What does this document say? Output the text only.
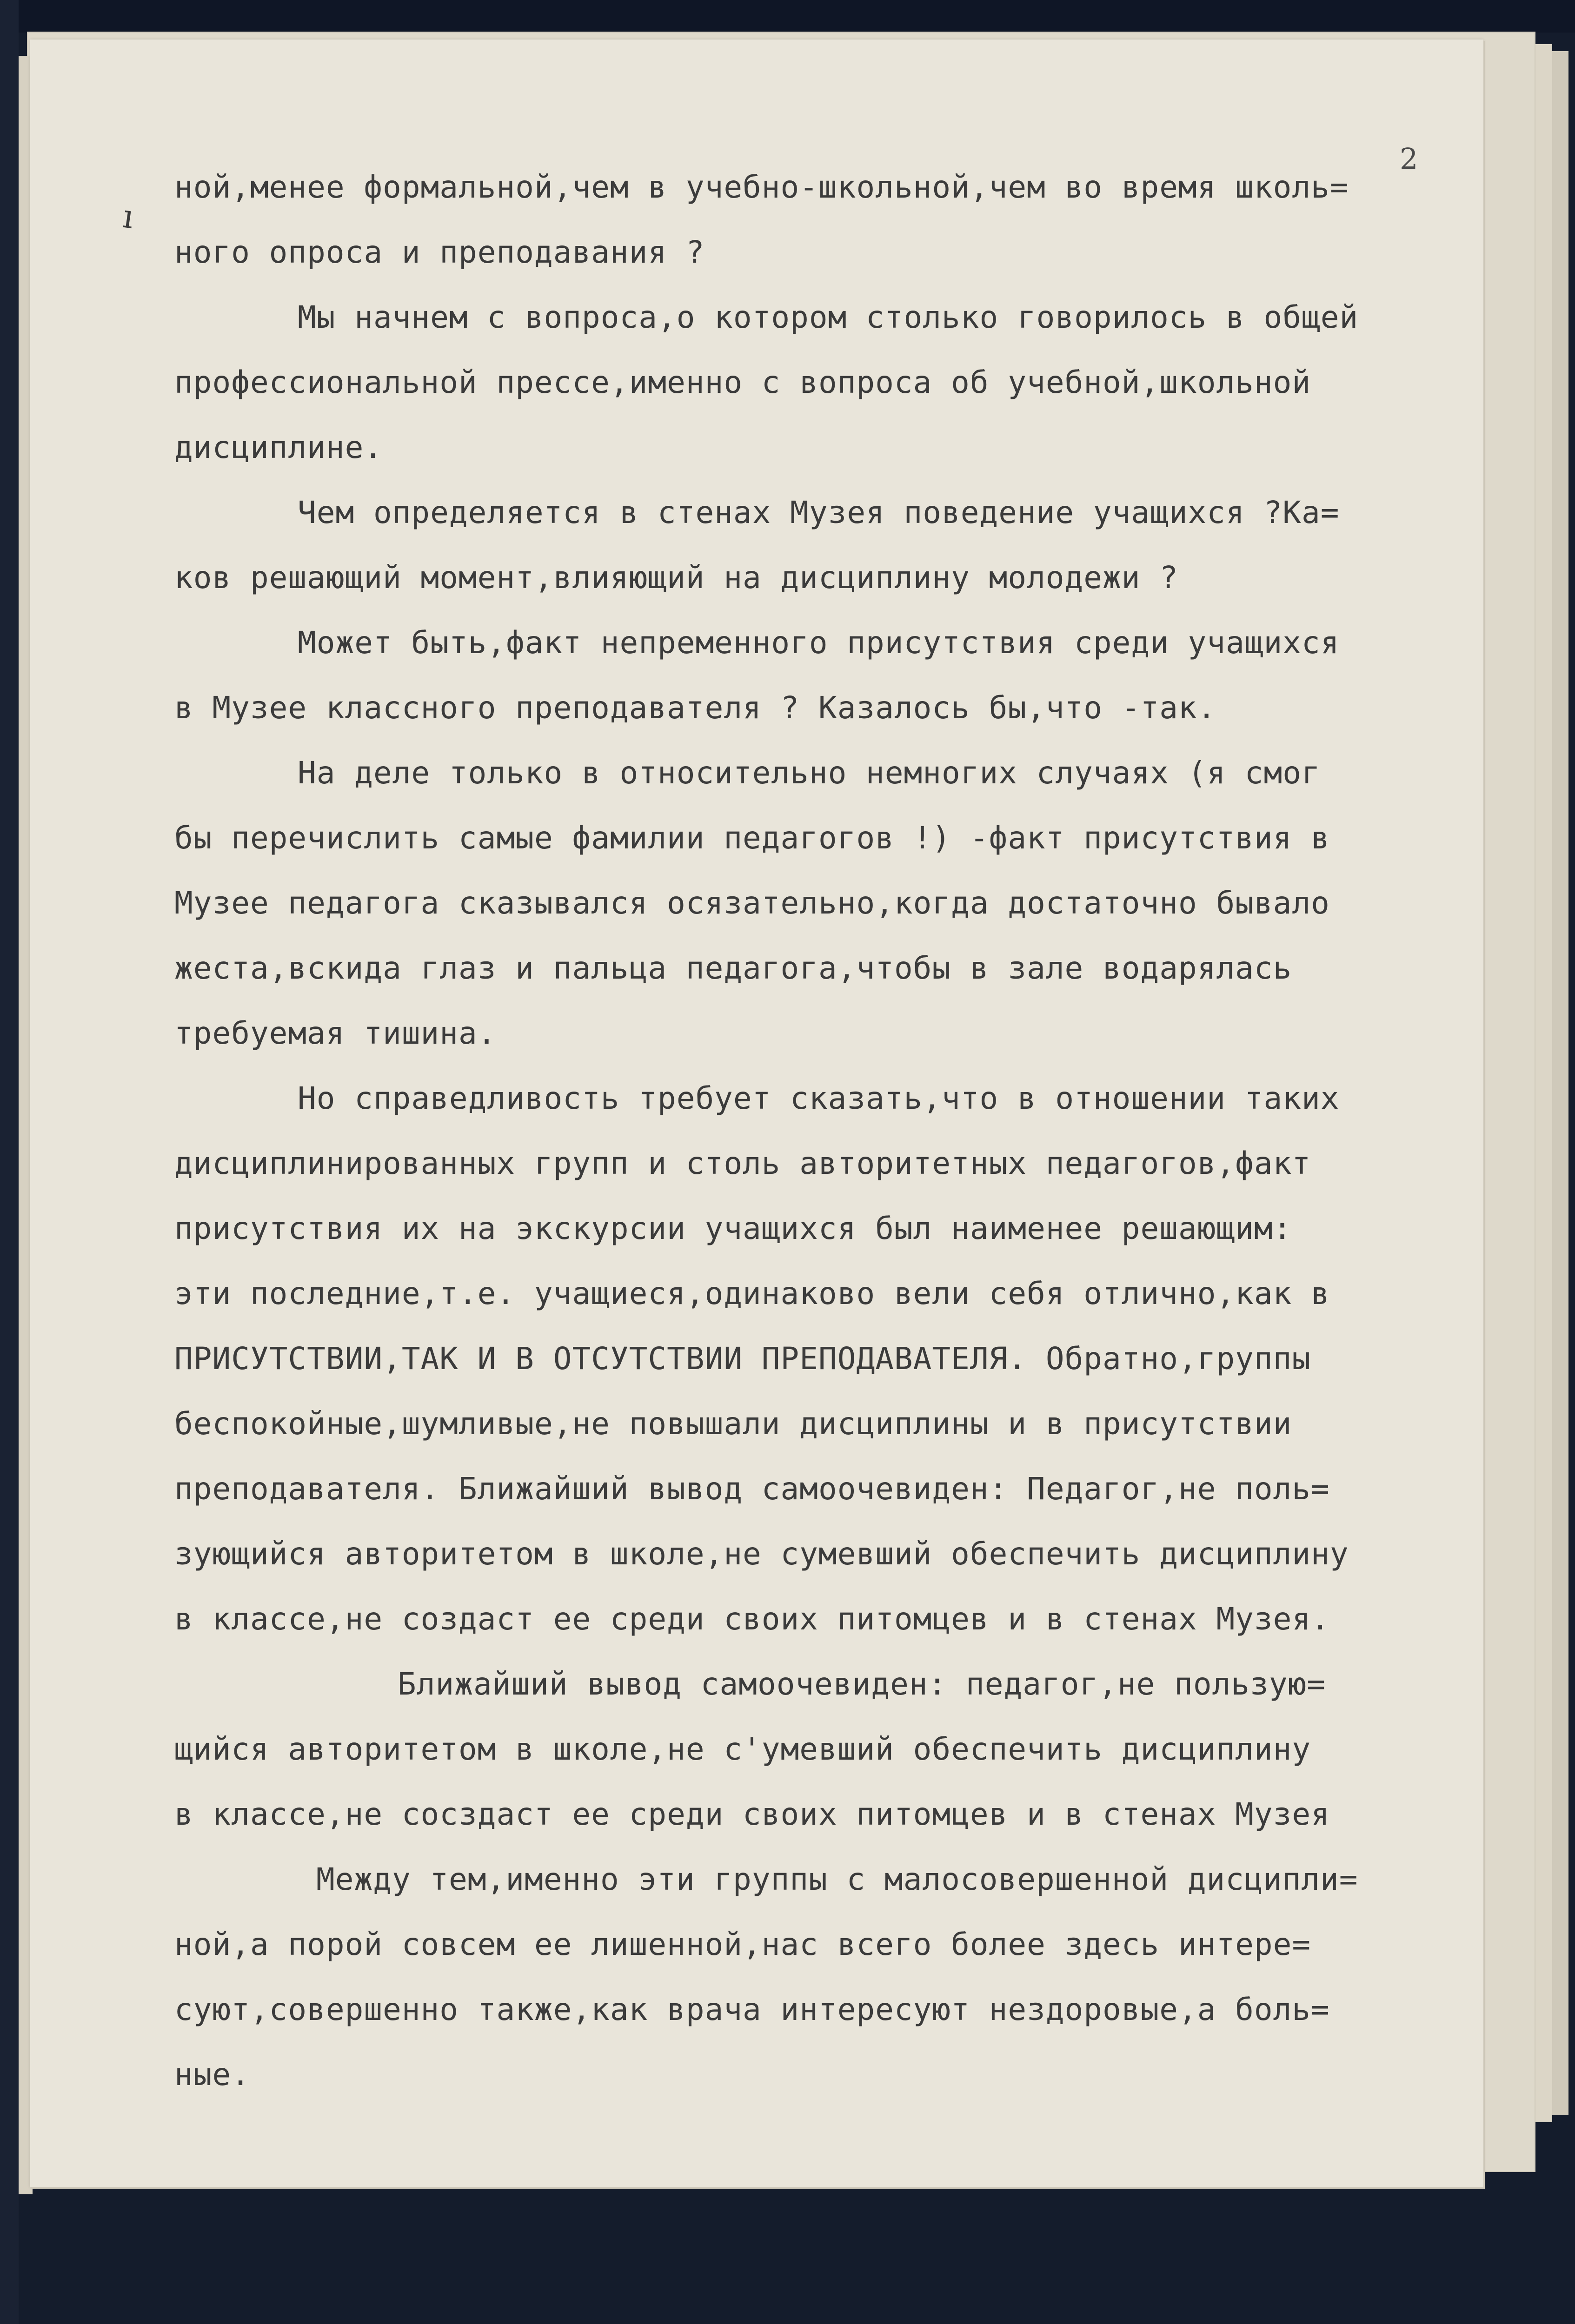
2
ı

ной,менее формальной,чем в учебно-школьной,чем во время школь=

ного опроса и преподавания ?

Мы начнем с вопроса,о котором столько говорилось в общей

профессиональной прессе,именно с вопроса об учебной,школьной

дисциплине.

Чем определяется в стенах Музея поведение учащихся ?Ка=

ков решающий момент,влияющий на дисциплину молодежи ?

Может быть,факт непременного присутствия среди учащихся

в Музее классного преподавателя ? Казалось бы,что -так.

На деле только в относительно немногих случаях (я смог

бы перечислить самые фамилии педагогов !) -факт присутствия в

Музее педагога сказывался осязательно,когда достаточно бывало

жеста,вскида глаз и пальца педагога,чтобы в зале водарялась

требуемая тишина.

Но справедливость требует сказать,что в отношении таких

дисциплинированных групп и столь авторитетных педагогов,факт

присутствия их на экскурсии учащихся был наименее решающим:

эти последние,т.е. учащиеся,одинаково вели себя отлично,как в

ПРИСУТСТВИИ,ТАК И В ОТСУТСТВИИ ПРЕПОДАВАТЕЛЯ. Обратно,группы

беспокойные,шумливые,не повышали дисциплины и в присутствии

преподавателя. Ближайший вывод самоочевиден: Педагог,не поль=

зующийся авторитетом в школе,не сумевший обеспечить дисциплину

в классе,не создаст ее среди своих питомцев и в стенах Музея.

Ближайший вывод самоочевиден: педагог,не пользую=

щийся авторитетом в школе,не с'умевший обеспечить дисциплину

в классе,не сосздаст ее среди своих питомцев и в стенах Музея

Между тем,именно эти группы с малосовершенной дисципли=

ной,а порой совсем ее лишенной,нас всего более здесь интере=

суют,совершенно также,как врача интересуют нездоровые,а боль=

ные.
